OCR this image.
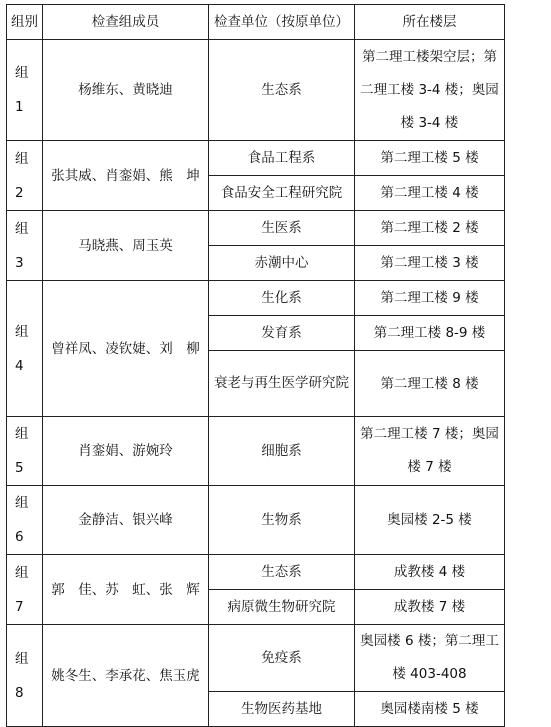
组别	检查组成员	检查单位（按原单位）	所在楼层
组 1	杨维东、黄晓迪	生态系	第二理工楼架空层；第二理工楼 3-4 楼；奥园楼 3-4 楼
组 2	张其威、肖銮娟、熊　坤	食品工程系	第二理工楼 5 楼
		食品安全工程研究院	第二理工楼 4 楼
组 3	马晓燕、周玉英	生医系	第二理工楼 2 楼
		赤潮中心	第二理工楼 3 楼
组 4	曾祥凤、凌钦婕、刘　柳	生化系	第二理工楼 9 楼
		发育系	第二理工楼 8-9 楼
		衰老与再生医学研究院	第二理工楼 8 楼
组 5	肖銮娟、游婉玲	细胞系	第二理工楼 7 楼；奥园楼 7 楼
组 6	金静洁、银兴峰	生物系	奥园楼 2-5 楼
组 7	郭　佳、苏　虹、张　辉	生态系	成教楼 4 楼
		病原微生物研究院	成教楼 7 楼
组 8	姚冬生、李承花、焦玉虎	免疫系	奥园楼 6 楼；第二理工楼 403-408
		生物医药基地	奥园楼南楼 5 楼
